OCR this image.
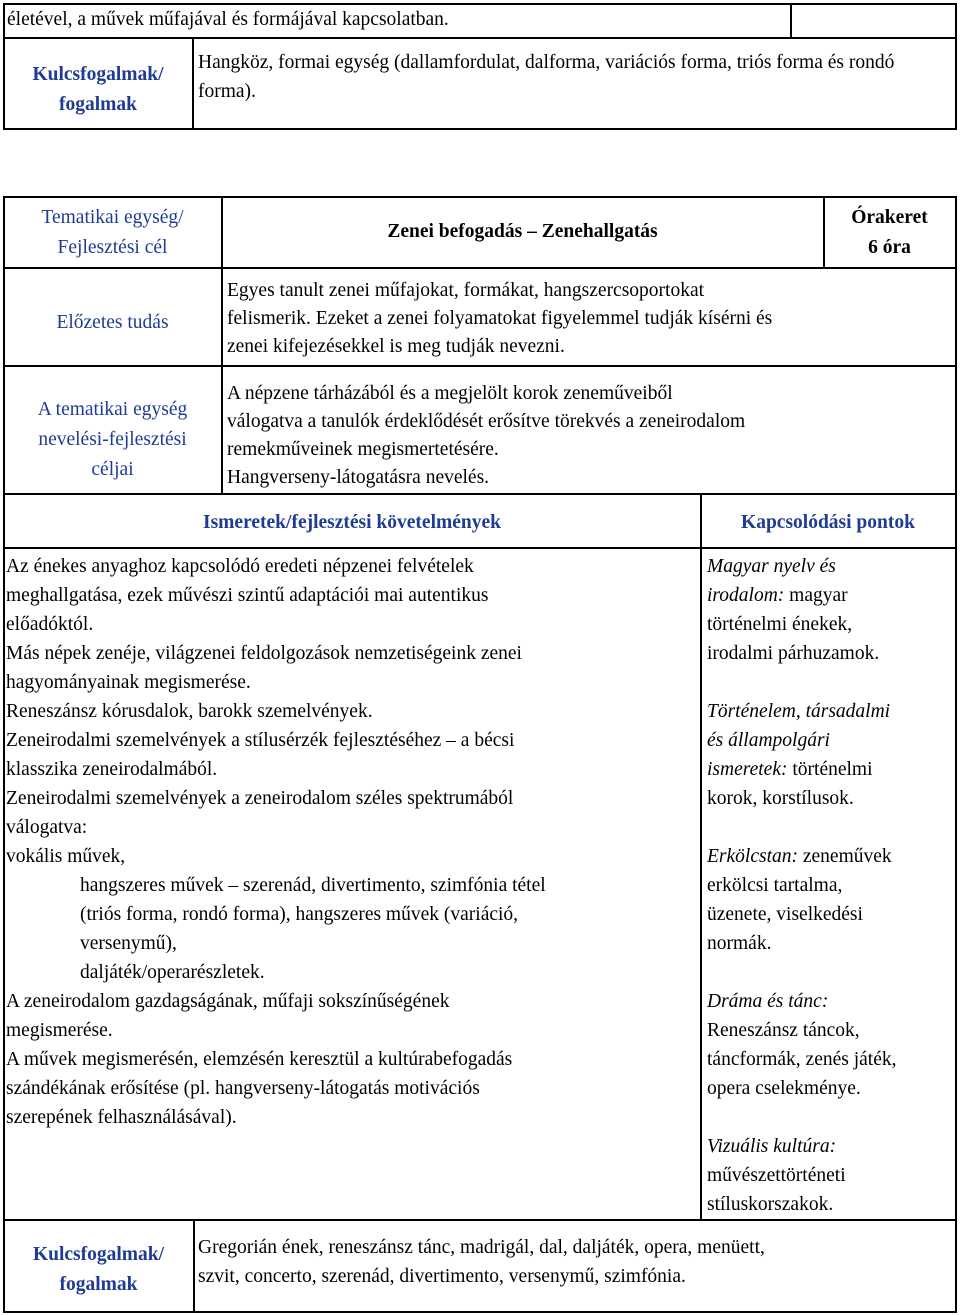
életével, a művek műfajával és formájával kapcsolatban.
Kulcsfogalmak/
fogalmak
Hangköz, formai egység (dallamfordulat, dalforma, variációs forma, triós forma és rondó forma).
Tematikai egység/
Fejlesztési cél
Zenei befogadás – Zenehallgatás
Órakeret
6 óra
Előzetes tudás
Egyes tanult zenei műfajokat, formákat, hangszercsoportokat
felismerik. Ezeket a zenei folyamatokat figyelemmel tudják kísérni és
zenei kifejezésekkel is meg tudják nevezni.
A tematikai egység
nevelési-fejlesztési
céljai
A népzene tárházából és a megjelölt korok zeneműveiből
válogatva a tanulók érdeklődését erősítve törekvés a zeneirodalom
remekműveinek megismertetésére.
Hangverseny-látogatásra nevelés.
Ismeretek/fejlesztési követelmények	Kapcsolódási pontok
Az énekes anyaghoz kapcsolódó eredeti népzenei felvételek
meghallgatása, ezek művészi szintű adaptációi mai autentikus
előadóktól.
Más népek zenéje, világzenei feldolgozások nemzetiségeink zenei
hagyományainak megismerése.
Reneszánsz kórusdalok, barokk szemelvények.
Zeneirodalmi szemelvények a stílusérzék fejlesztéséhez – a bécsi
klasszika zeneirodalmából.
Zeneirodalmi szemelvények a zeneirodalom széles spektrumából
válogatva:
vokális művek,
hangszeres művek – szerenád, divertimento, szimfónia tétel
(triós forma, rondó forma), hangszeres művek (variáció,
versenymű),
daljáték/operarészletek.
A zeneirodalom gazdagságának, műfaji sokszínűségének
megismerése.
A művek megismerésén, elemzésén keresztül a kultúrabefogadás
szándékának erősítése (pl. hangverseny-látogatás motivációs
szerepének felhasználásával).
Magyar nyelv és
irodalom: magyar
történelmi énekek,
irodalmi párhuzamok.
Történelem, társadalmi
és állampolgári
ismeretek: történelmi
korok, korstílusok.
Erkölcstan: zeneművek
erkölcsi tartalma,
üzenete, viselkedési
normák.
Dráma és tánc:
Reneszánsz táncok,
táncformák, zenés játék,
opera cselekménye.
Vizuális kultúra:
művészettörténeti
stíluskorszakok.
Kulcsfogalmak/
fogalmak
Gregorián ének, reneszánsz tánc, madrigál, dal, daljáték, opera, menüett,
szvit, concerto, szerenád, divertimento, versenymű, szimfónia.
